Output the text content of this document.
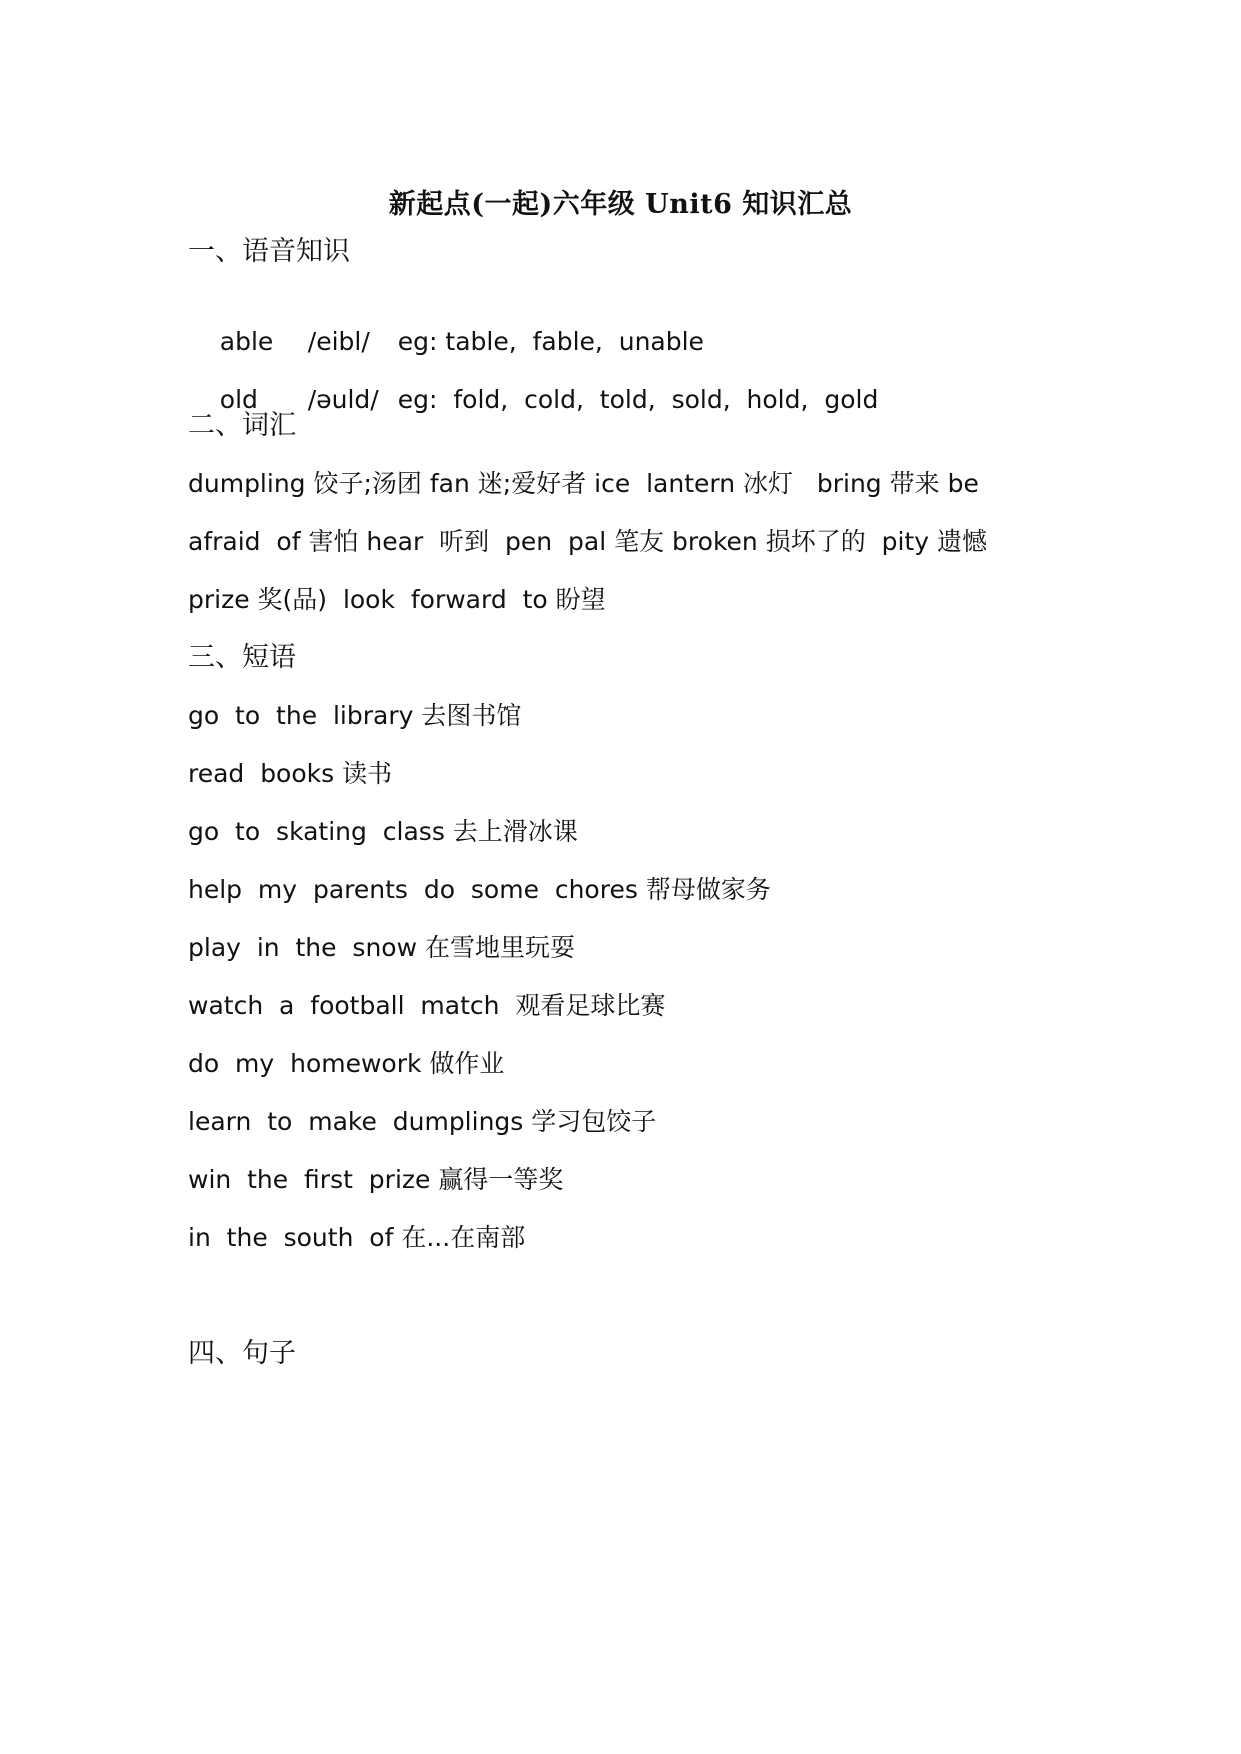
新起点(一起)六年级 Unit6 知识汇总
一、语音知识

able /eibl/ eg: table,  fable,  unable

old /əuld/ eg:  fold,  cold,  told,  sold,  hold,  gold

二、词汇
dumpling 饺子;汤团 fan 迷;爱好者 ice  lantern 冰灯   bring 带来 be
afraid  of 害怕 hear  听到  pen  pal 笔友 broken 损坏了的  pity 遗憾
prize 奖(品)  look  forward  to 盼望
三、短语
go  to  the  library 去图书馆
read  books 读书
go  to  skating  class 去上滑冰课
help  my  parents  do  some  chores 帮母做家务
play  in  the  snow 在雪地里玩耍
watch  a  football  match  观看足球比赛
do  my  homework 做作业
learn  to  make  dumplings 学习包饺子
win  the  first  prize 赢得一等奖
in  the  south  of 在...在南部
四、句子
